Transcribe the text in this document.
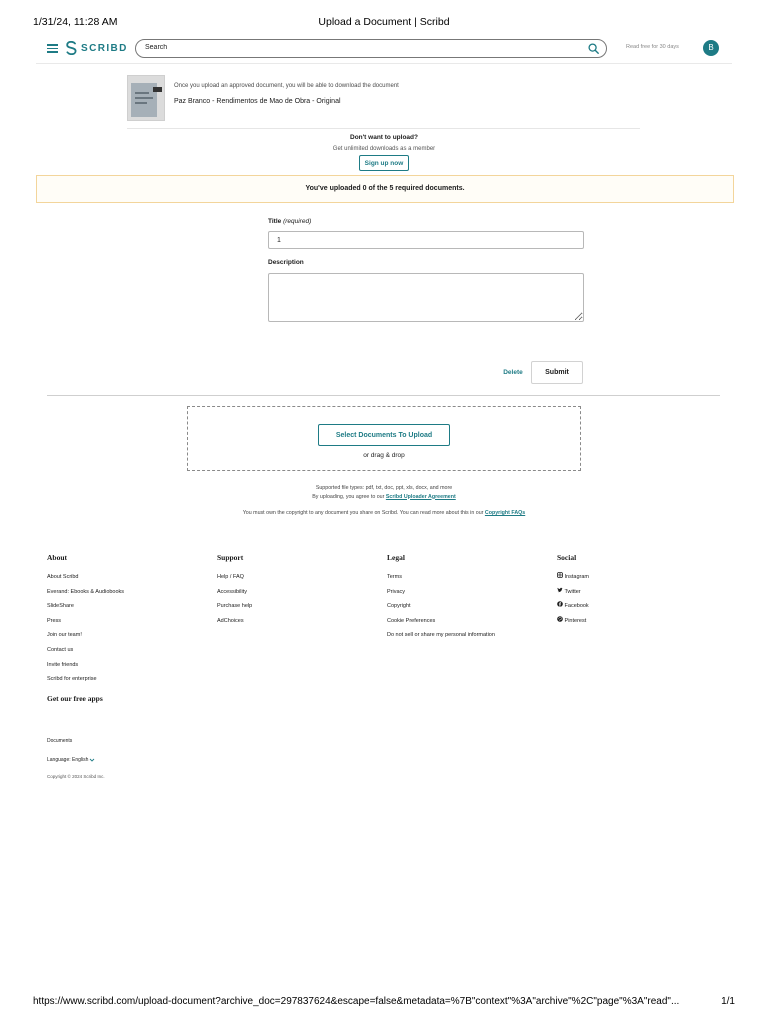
1/31/24, 11:28 AM	Upload a Document | Scribd
SCRIBD
Search	Read free for 30 days	B
Once you upload an approved document, you will be able to download the document
Paz Branco - Rendimentos de Mao de Obra - Original
Don't want to upload?
Get unlimited downloads as a member
Sign up now
You've uploaded 0 of the 5 required documents.
Title (required)
1
Description
Delete	Submit
Select Documents To Upload
or drag & drop
Supported file types: pdf, txt, doc, ppt, xls, docx, and more
By uploading, you agree to our Scribd Uploader Agreement
You must own the copyright to any document you share on Scribd. You can read more about this in our Copyright FAQs
About
About Scribd
Everand: Ebooks & Audiobooks
SlideShare
Press
Join our team!
Contact us
Invite friends
Scribd for enterprise
Support
Help / FAQ
Accessibility
Purchase help
AdChoices
Legal
Terms
Privacy
Copyright
Cookie Preferences
Do not sell or share my personal information
Social
Instagram
Twitter
Facebook
Pinterest
Get our free apps
Documents
Language: English
Copyright © 2024 Scribd Inc.
https://www.scribd.com/upload-document?archive_doc=297837624&escape=false&metadata=%7B"context"%3A"archive"%2C"page"%3A"read"...	1/1
